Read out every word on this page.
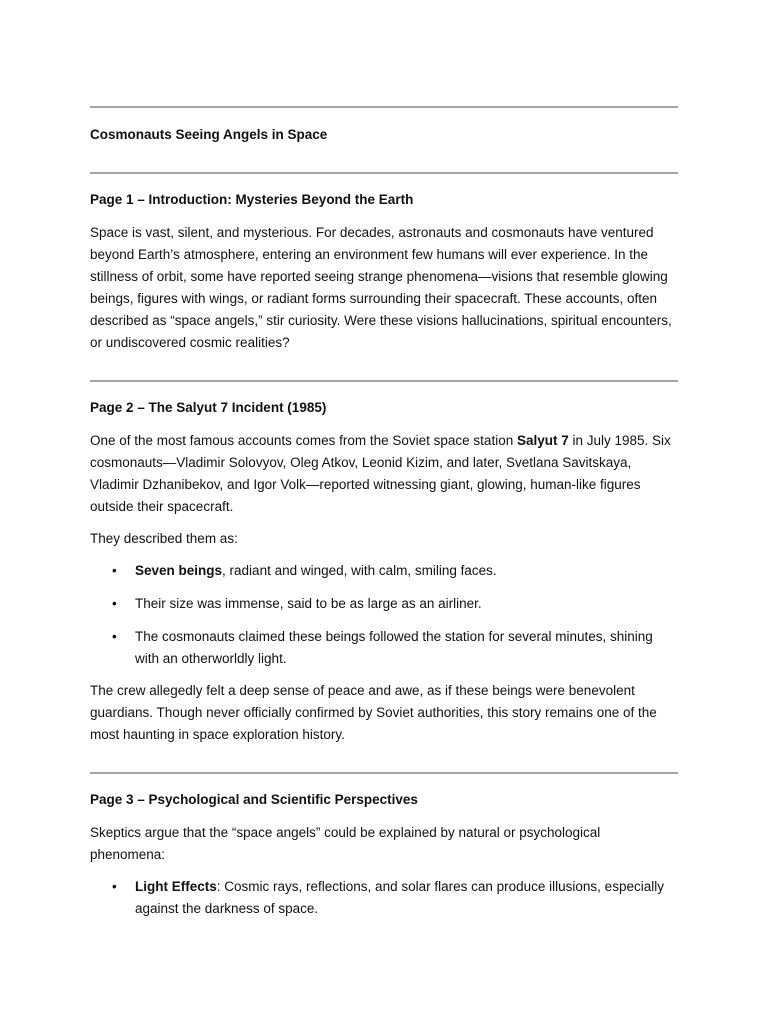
Cosmonauts Seeing Angels in Space
Page 1 – Introduction: Mysteries Beyond the Earth

Space is vast, silent, and mysterious. For decades, astronauts and cosmonauts have ventured beyond Earth’s atmosphere, entering an environment few humans will ever experience. In the stillness of orbit, some have reported seeing strange phenomena—visions that resemble glowing beings, figures with wings, or radiant forms surrounding their spacecraft. These accounts, often described as “space angels,” stir curiosity. Were these visions hallucinations, spiritual encounters, or undiscovered cosmic realities?

Page 2 – The Salyut 7 Incident (1985)

One of the most famous accounts comes from the Soviet space station Salyut 7 in July 1985. Six cosmonauts—Vladimir Solovyov, Oleg Atkov, Leonid Kizim, and later, Svetlana Savitskaya, Vladimir Dzhanibekov, and Igor Volk—reported witnessing giant, glowing, human-like figures outside their spacecraft.

They described them as:

• Seven beings, radiant and winged, with calm, smiling faces.
• Their size was immense, said to be as large as an airliner.
• The cosmonauts claimed these beings followed the station for several minutes, shining with an otherworldly light.

The crew allegedly felt a deep sense of peace and awe, as if these beings were benevolent guardians. Though never officially confirmed by Soviet authorities, this story remains one of the most haunting in space exploration history.

Page 3 – Psychological and Scientific Perspectives

Skeptics argue that the “space angels” could be explained by natural or psychological phenomena:

• Light Effects: Cosmic rays, reflections, and solar flares can produce illusions, especially against the darkness of space.
